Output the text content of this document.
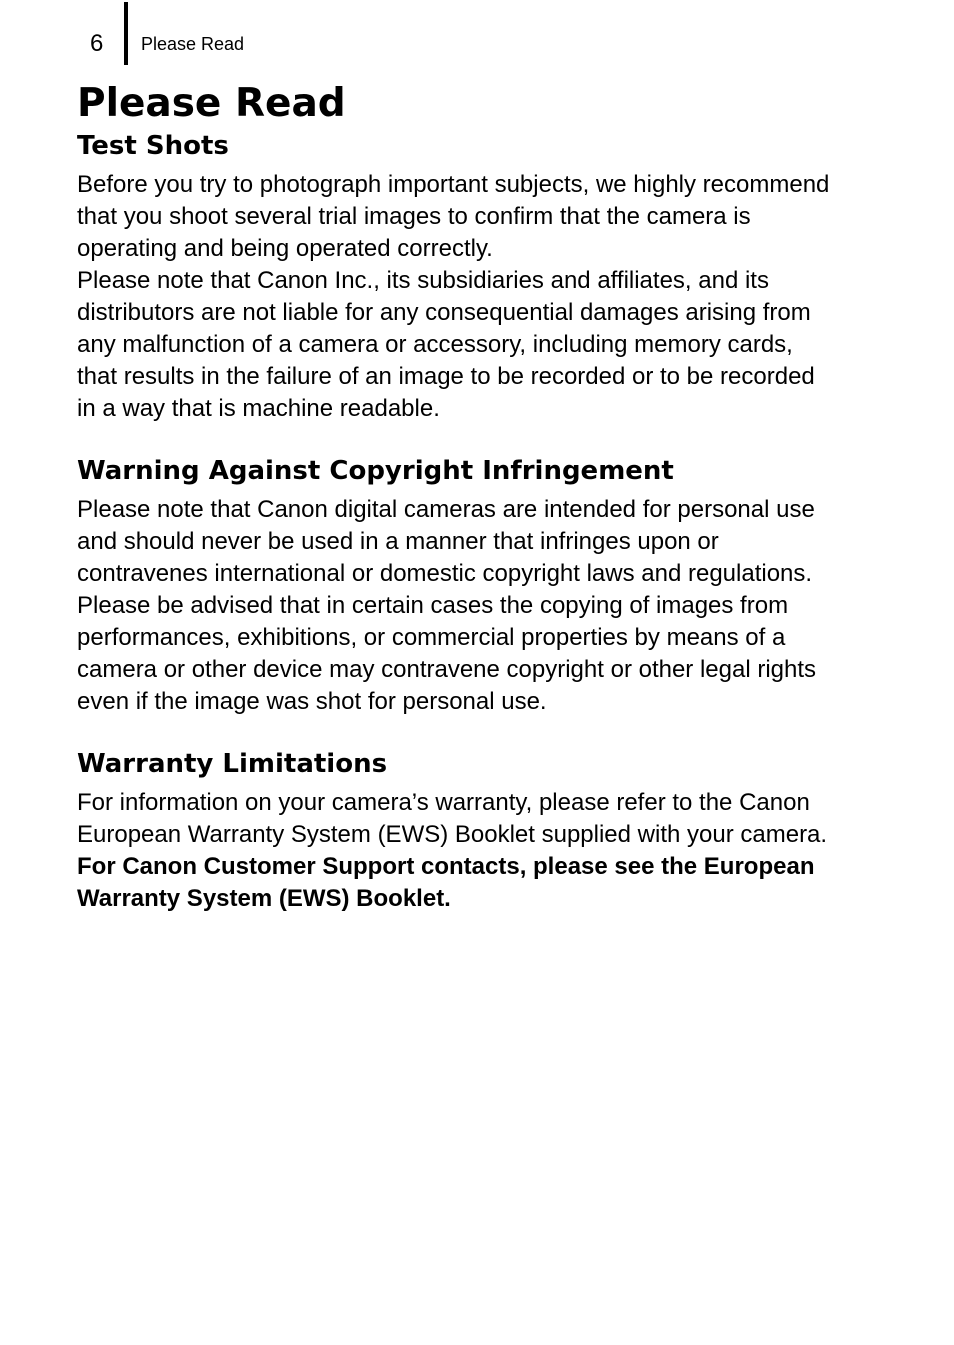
6 Please Read
Please Read
Test Shots

Before you try to photograph important subjects, we highly recommend
that you shoot several trial images to confirm that the camera is
operating and being operated correctly.

Please note that Canon Inc., its subsidiaries and affiliates, and its
distributors are not liable for any consequential damages arising from
any malfunction of a camera or accessory, including memory cards,
that results in the failure of an image to be recorded or to be recorded
in a way that is machine readable.

Warning Against Copyright Infringement

Please note that Canon digital cameras are intended for personal use
and should never be used in a manner that infringes upon or
contravenes international or domestic copyright laws and regulations.
Please be advised that in certain cases the copying of images from
performances, exhibitions, or commercial properties by means of a
camera or other device may contravene copyright or other legal rights
even if the image was shot for personal use.

Warranty Limitations

For information on your camera’s warranty, please refer to the Canon
European Warranty System (EWS) Booklet supplied with your camera.

For Canon Customer Support contacts, please see the European
Warranty System (EWS) Booklet.
